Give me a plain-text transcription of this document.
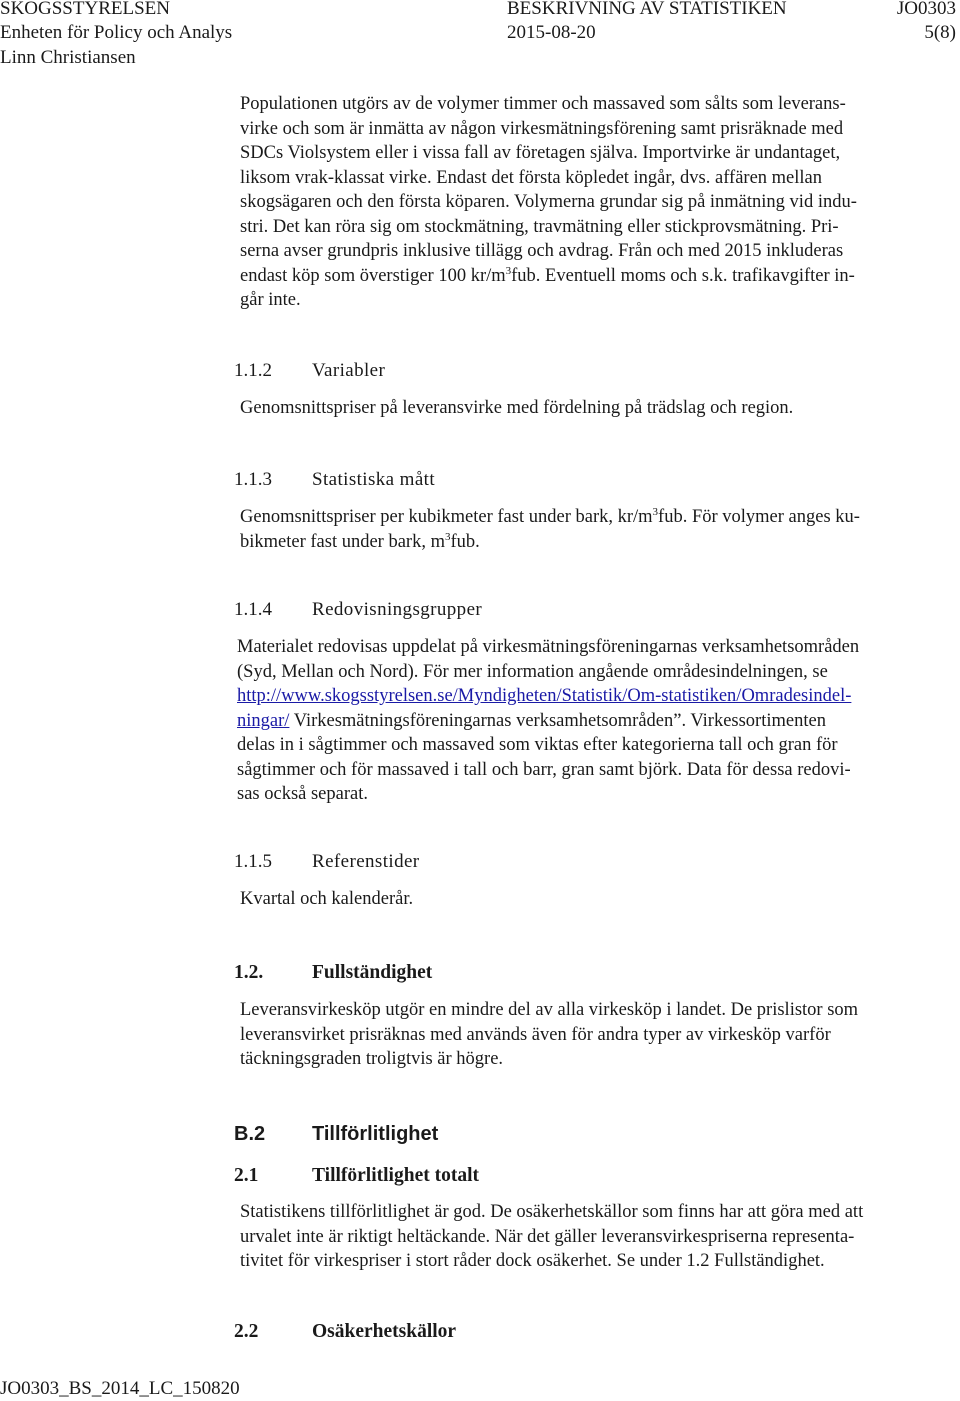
SKOGSSTYRELSEN	BESKRIVNING AV STATISTIKEN	JO0303
Enheten för Policy och Analys	2015-08-20	5(8)
Linn Christiansen
Populationen utgörs av de volymer timmer och massaved som sålts som leverans-
virke och som är inmätta av någon virkesmätningsförening samt prisräknade med
SDCs Violsystem eller i vissa fall av företagen själva. Importvirke är undantaget,
liksom vrak-klassat virke. Endast det första köpledet ingår, dvs. affären mellan
skogsägaren och den första köparen. Volymerna grundar sig på inmätning vid indu-
stri. Det kan röra sig om stockmätning, travmätning eller stickprovsmätning. Pri-
serna avser grundpris inklusive tillägg och avdrag. Från och med 2015 inkluderas
endast köp som överstiger 100 $kr/m^3fub$. Eventuell moms och s.k. trafikavgifter in-
går inte.
1.1.2 Variabler
Genomsnittspriser på leveransvirke med fördelning på trädslag och region.
1.1.3 Statistiska mått
Genomsnittspriser per kubikmeter fast under bark, $kr/m^3fub$. För volymer anges ku-
bikmeter fast under bark, $m^3fub$.
1.1.4 Redovisningsgrupper
Materialet redovisas uppdelat på virkesmätningsföreningarnas verksamhetsområden
(Syd, Mellan och Nord). För mer information angående områdesindelningen, se
http://www.skogsstyrelsen.se/Myndigheten/Statistik/Om-statistiken/Omradesindel-
ningar/ Virkesmätningsföreningarnas verksamhetsområden”. Virkessortimenten
delas in i sågtimmer och massaved som viktas efter kategorierna tall och gran för
sågtimmer och för massaved i tall och barr, gran samt björk. Data för dessa redovi-
sas också separat.
1.1.5 Referenstider
Kvartal och kalenderår.
1.2.	Fullständighet
Leveransvirkesköp utgör en mindre del av alla virkesköp i landet. De prislistor som
leveransvirket prisräknas med används även för andra typer av virkesköp varför
täckningsgraden troligtvis är högre.
B.2 Tillförlitlighet
2.1	Tillförlitlighet totalt
Statistikens tillförlitlighet är god. De osäkerhetskällor som finns har att göra med att
urvalet inte är riktigt heltäckande. När det gäller leveransvirkespriserna representa-
tivitet för virkespriser i stort råder dock osäkerhet. Se under 1.2 Fullständighet.
2.2	Osäkerhetskällor
JO0303_BS_2014_LC_150820
